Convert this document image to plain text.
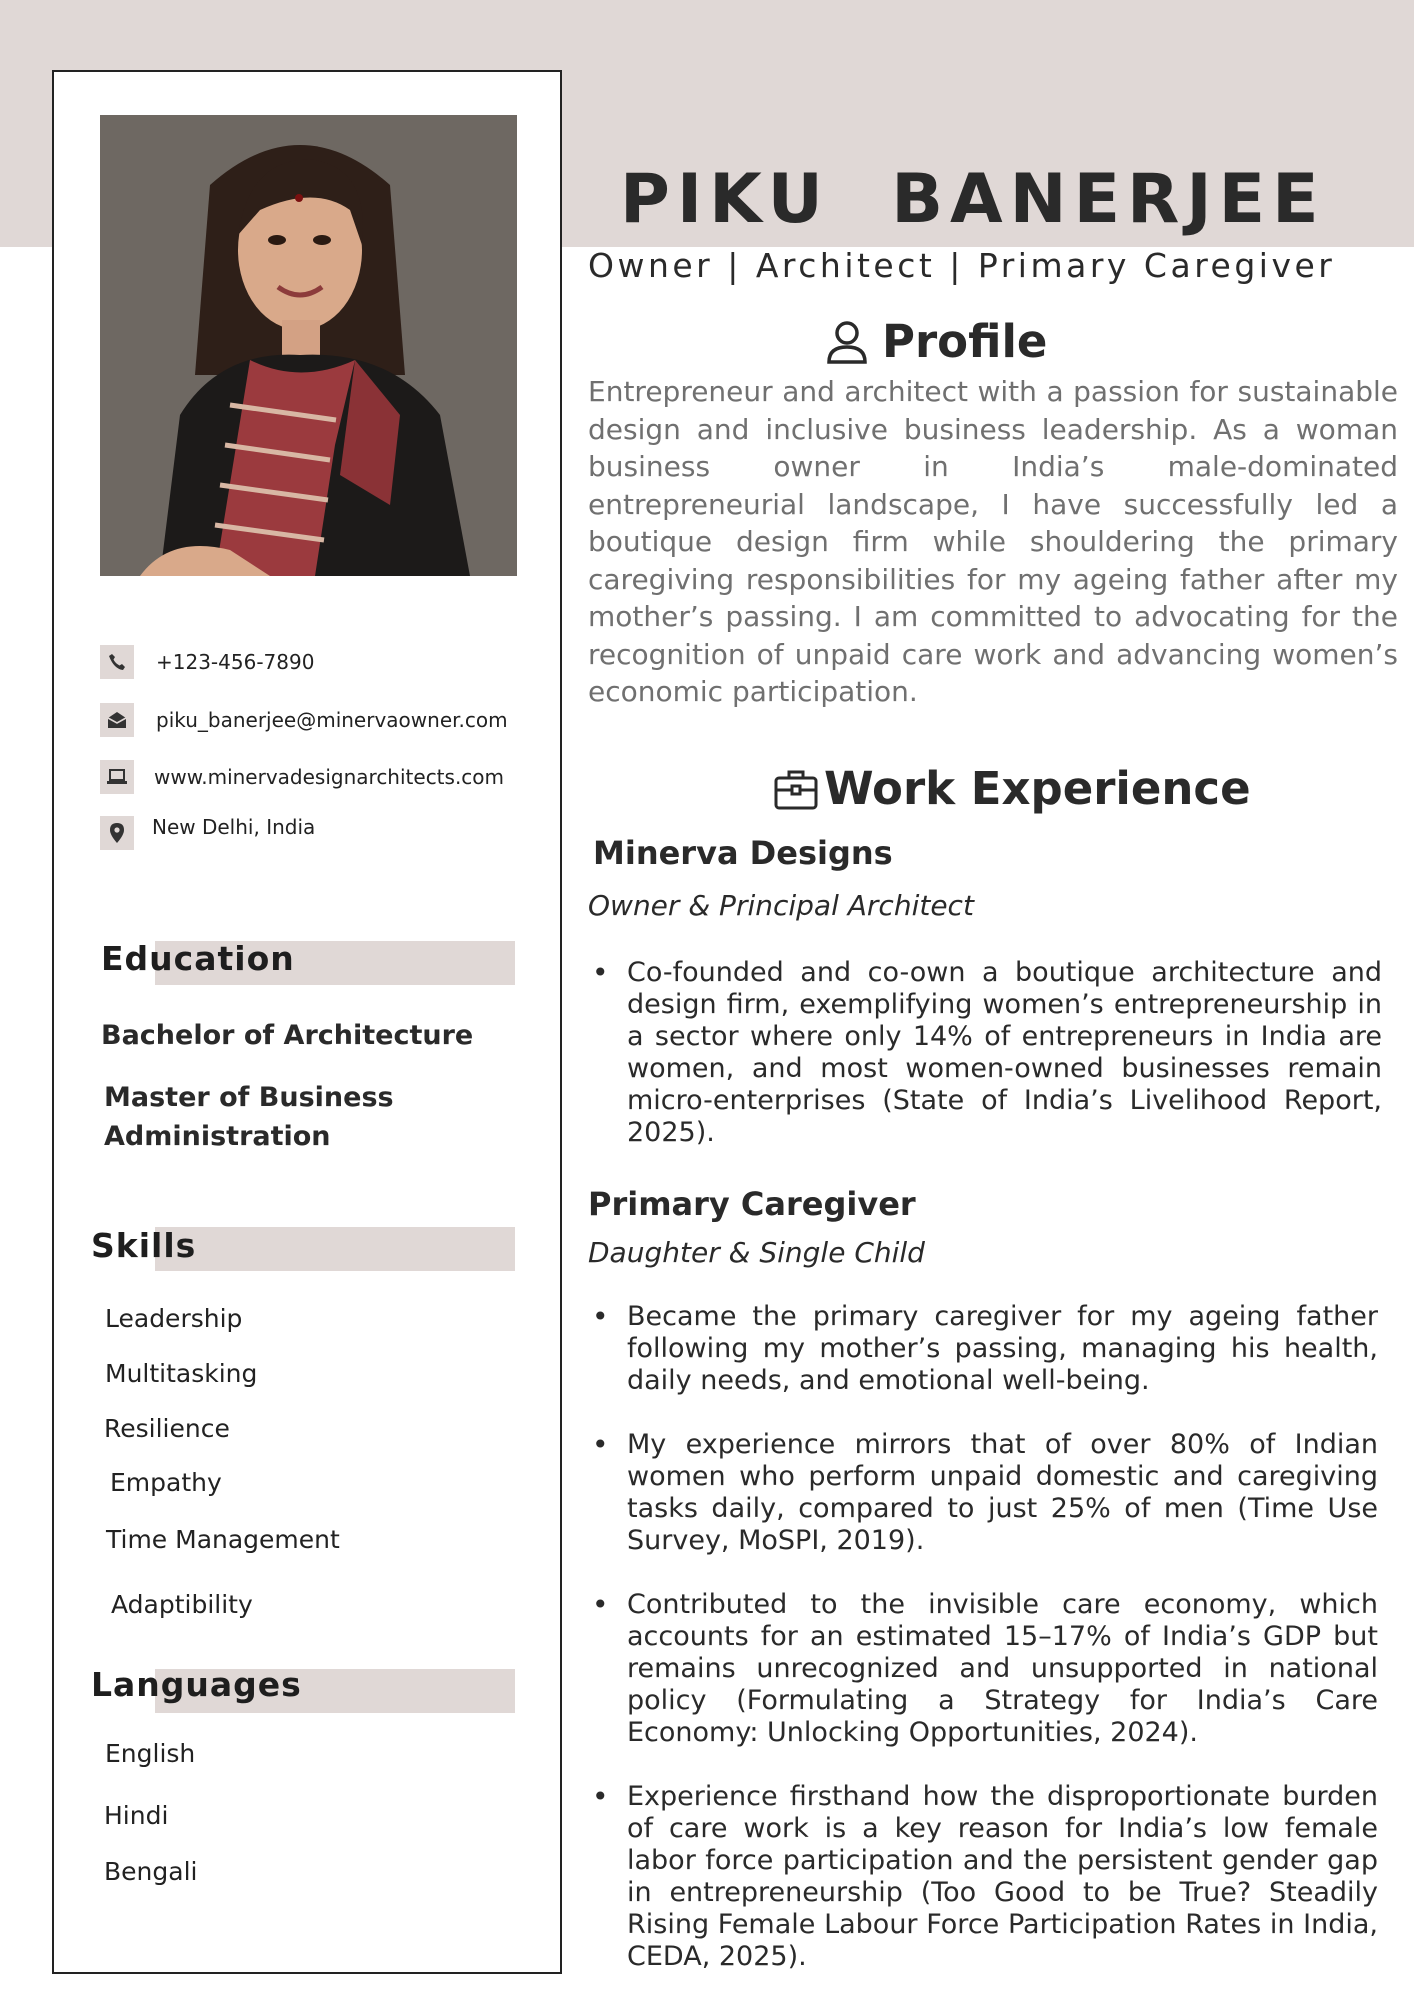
+123-456-7890
piku_banerjee@minervaowner.com
www.minervadesignarchitects.com
New Delhi, India
Education
Bachelor of Architecture
Master of Business Administration
Skills
Leadership
Multitasking
Resilience
Empathy
Time Management
Adaptibility
Languages
English
Hindi
Bengali
PIKU  BANERJEE
Owner | Architect | Primary Caregiver
Profile
Entrepreneur and architect with a passion for sustainable design and inclusive business leadership. As a woman business owner in India’s male-dominated entrepreneurial landscape, I have successfully led a boutique design firm while shouldering the primary caregiving responsibilities for my ageing father after my mother’s passing. I am committed to advocating for the recognition of unpaid care work and advancing women’s economic participation.
Work Experience
Minerva Designs
Owner & Principal Architect
• Co-founded and co-own a boutique architecture and design firm, exemplifying women’s entrepreneurship in a sector where only 14% of entrepreneurs in India are women, and most women-owned businesses remain micro-enterprises (State of India’s Livelihood Report, 2025).
Primary Caregiver
Daughter & Single Child
• Became the primary caregiver for my ageing father following my mother’s passing, managing his health, daily needs, and emotional well-being.
• My experience mirrors that of over 80% of Indian women who perform unpaid domestic and caregiving tasks daily, compared to just 25% of men (Time Use Survey, MoSPI, 2019).
• Contributed to the invisible care economy, which accounts for an estimated 15–17% of India’s GDP but remains unrecognized and unsupported in national policy (Formulating a Strategy for India’s Care Economy: Unlocking Opportunities, 2024).
• Experience firsthand how the disproportionate burden of care work is a key reason for India’s low female labor force participation and the persistent gender gap in entrepreneurship (Too Good to be True? Steadily Rising Female Labour Force Participation Rates in India, CEDA, 2025).
